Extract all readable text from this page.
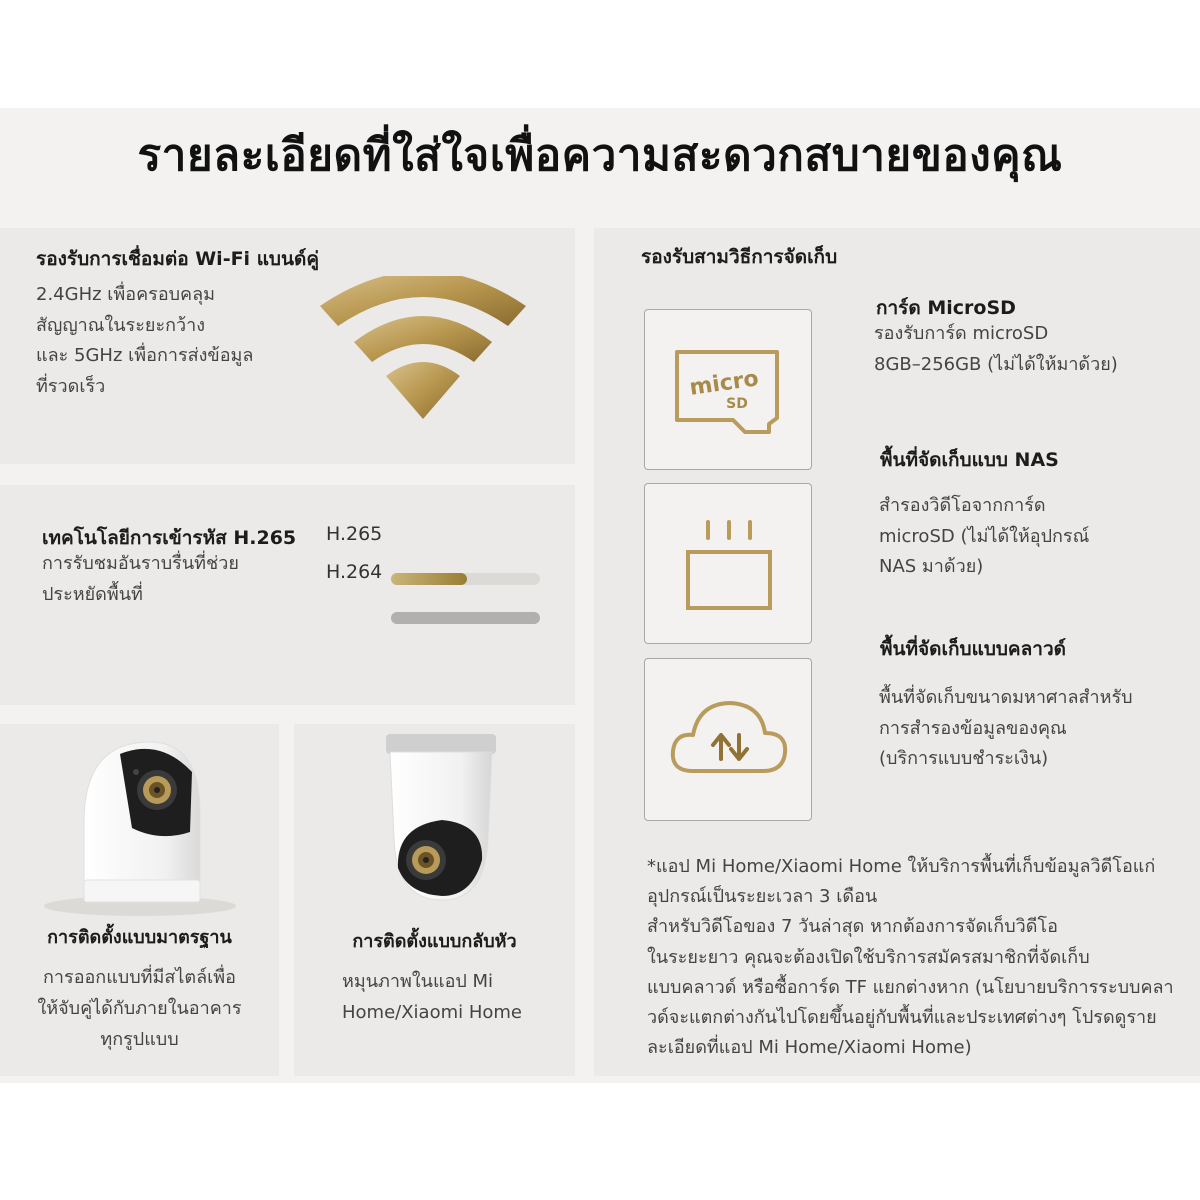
รายละเอียดที่ใส่ใจเพื่อความสะดวกสบายของคุณ
รองรับการเชื่อมต่อ Wi-Fi แบนด์คู่
2.4GHz เพื่อครอบคลุม
สัญญาณในระยะกว้าง
และ 5GHz เพื่อการส่งข้อมูล
ที่รวดเร็ว
เทคโนโลยีการเข้ารหัส H.265
การรับชมอันราบรื่นที่ช่วย
ประหยัดพื้นที่
H.265
H.264
การติดตั้งแบบมาตรฐาน
การออกแบบที่มีสไตล์เพื่อ
ให้จับคู่ได้กับภายในอาคาร
ทุกรูปแบบ
การติดตั้งแบบกลับหัว
หมุนภาพในแอป Mi
Home/Xiaomi Home
รองรับสามวิธีการจัดเก็บ
micro
SD
การ์ด MicroSD
รองรับการ์ด microSD
8GB–256GB (ไม่ได้ให้มาด้วย)
พื้นที่จัดเก็บแบบ NAS
สำรองวิดีโอจากการ์ด
microSD (ไม่ได้ให้อุปกรณ์
NAS มาด้วย)
พื้นที่จัดเก็บแบบคลาวด์
พื้นที่จัดเก็บขนาดมหาศาลสำหรับ
การสำรองข้อมูลของคุณ
(บริการแบบชำระเงิน)
*แอป Mi Home/Xiaomi Home ให้บริการพื้นที่เก็บข้อมูลวิดีโอแก่
อุปกรณ์เป็นระยะเวลา 3 เดือน
สำหรับวิดีโอของ 7 วันล่าสุด หากต้องการจัดเก็บวิดีโอ
ในระยะยาว คุณจะต้องเปิดใช้บริการสมัครสมาชิกที่จัดเก็บ
แบบคลาวด์ หรือซื้อการ์ด TF แยกต่างหาก (นโยบายบริการระบบคลา
วด์จะแตกต่างกันไปโดยขึ้นอยู่กับพื้นที่และประเทศต่างๆ โปรดดูราย
ละเอียดที่แอป Mi Home/Xiaomi Home)
